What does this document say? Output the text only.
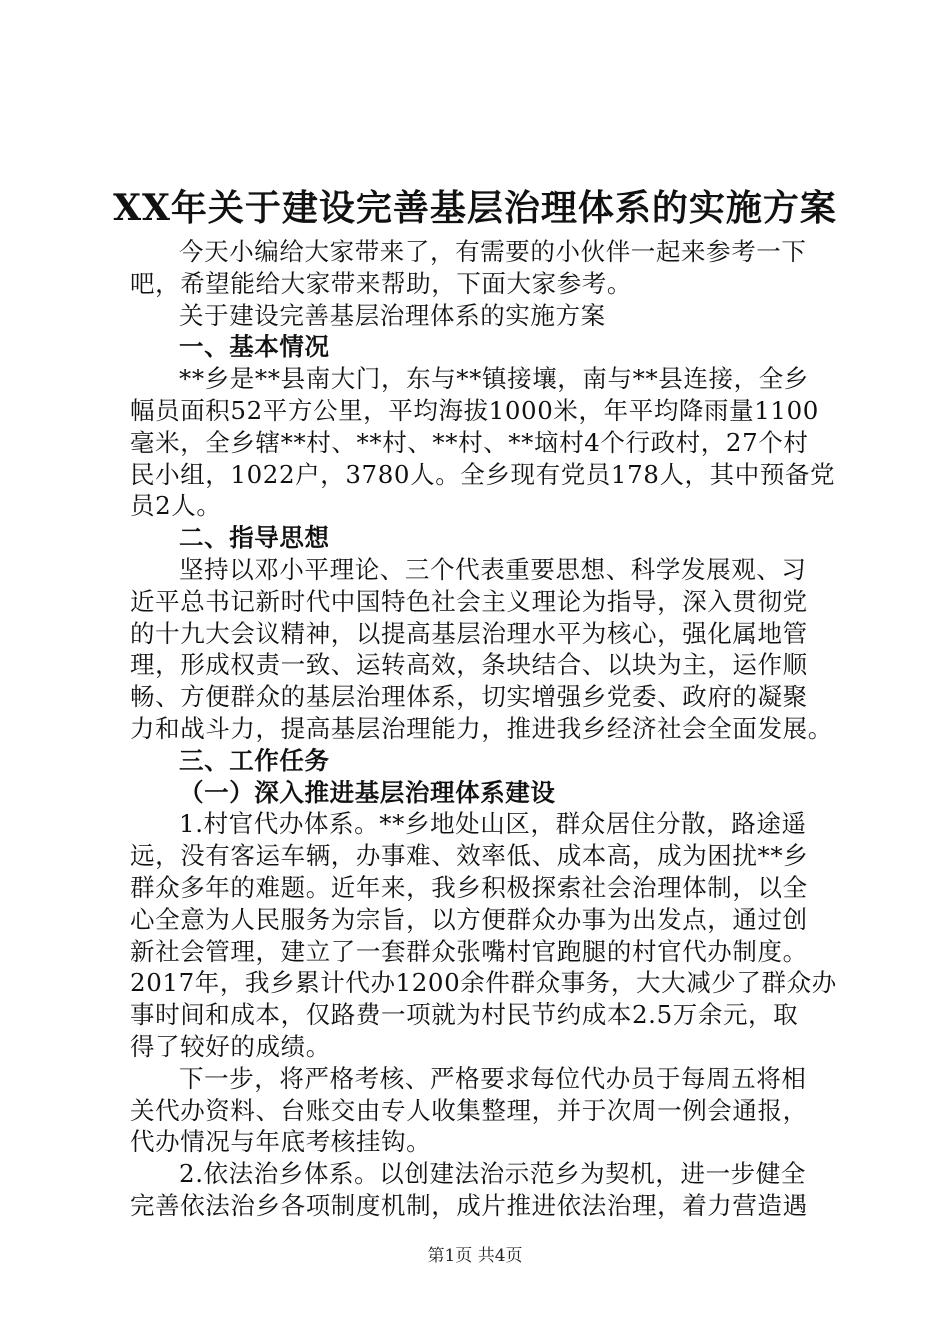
XX年关于建设完善基层治理体系的实施方案

今天小编给大家带来了，有需要的小伙伴一起来参考一下
吧，希望能给大家带来帮助，下面大家参考。

关于建设完善基层治理体系的实施方案

一、基本情况

**乡是**县南大门，东与**镇接壤，南与**县连接，全乡
幅员面积52平方公里，平均海拔1000米，年平均降雨量1100
毫米，全乡辖**村、**村、**村、**垴村4个行政村，27个村
民小组，1022户，3780人。全乡现有党员178人，其中预备党
员2人。

二、指导思想

坚持以邓小平理论、三个代表重要思想、科学发展观、习
近平总书记新时代中国特色社会主义理论为指导，深入贯彻党
的十九大会议精神，以提高基层治理水平为核心，强化属地管
理，形成权责一致、运转高效，条块结合、以块为主，运作顺
畅、方便群众的基层治理体系，切实增强乡党委、政府的凝聚
力和战斗力，提高基层治理能力，推进我乡经济社会全面发展。

三、工作任务

（一）深入推进基层治理体系建设

1.村官代办体系。**乡地处山区，群众居住分散，路途遥
远，没有客运车辆，办事难、效率低、成本高，成为困扰**乡
群众多年的难题。近年来，我乡积极探索社会治理体制，以全
心全意为人民服务为宗旨，以方便群众办事为出发点，通过创
新社会管理，建立了一套群众张嘴村官跑腿的村官代办制度。
2017年，我乡累计代办1200余件群众事务，大大减少了群众办
事时间和成本，仅路费一项就为村民节约成本2.5万余元，取
得了较好的成绩。

下一步，将严格考核、严格要求每位代办员于每周五将相
关代办资料、台账交由专人收集整理，并于次周一例会通报，
代办情况与年底考核挂钩。

2.依法治乡体系。以创建法治示范乡为契机，进一步健全
完善依法治乡各项制度机制，成片推进依法治理，着力营造遇

第1页 共4页
